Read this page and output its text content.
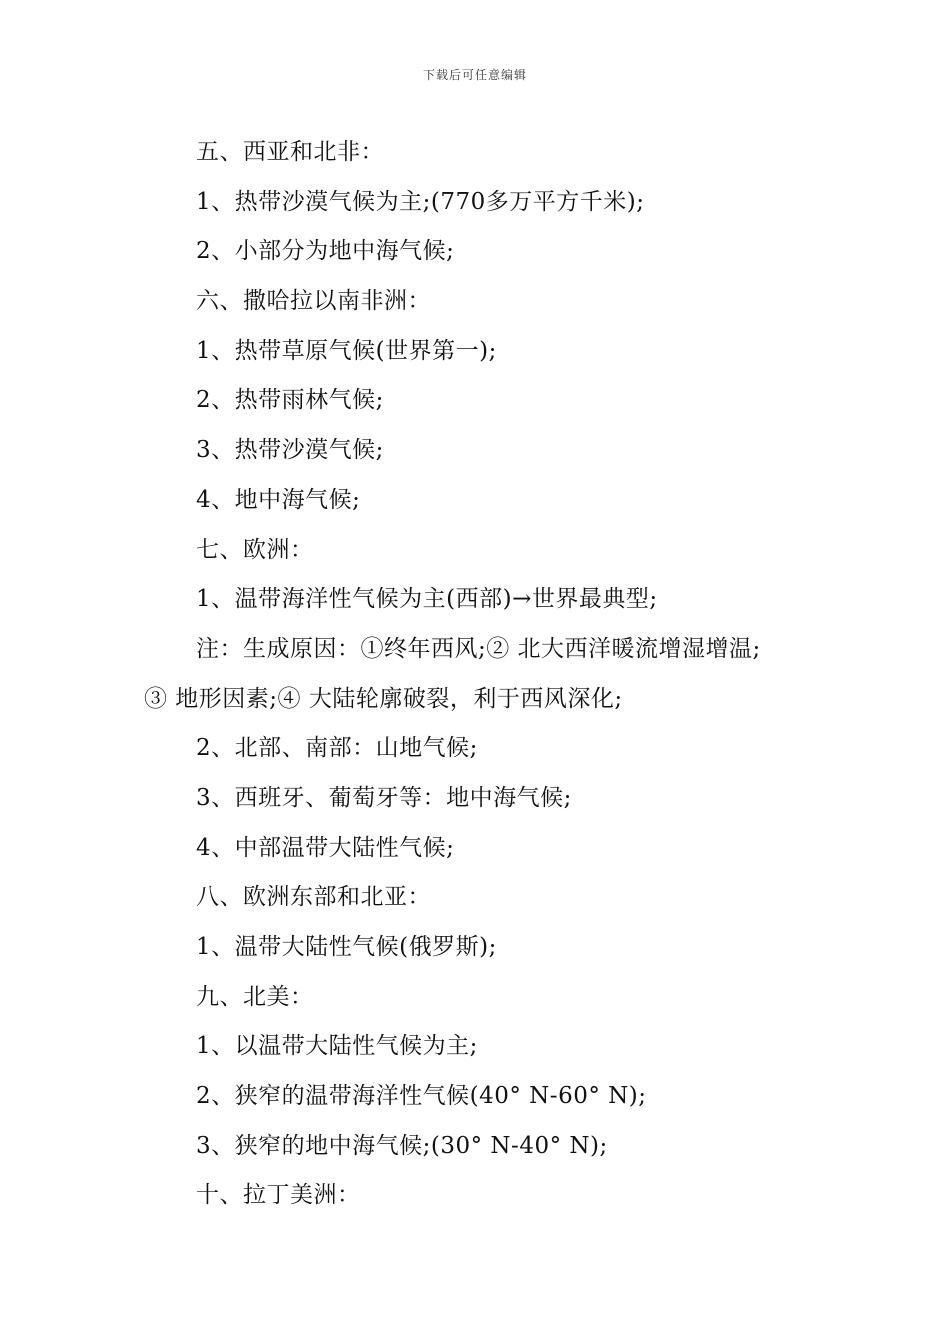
下载后可任意编辑
五、西亚和北非：
1、热带沙漠气候为主;(770多万平方千米);
2、小部分为地中海气候;
六、撒哈拉以南非洲：
1、热带草原气候(世界第一);
2、热带雨林气候;
3、热带沙漠气候;
4、地中海气候;
七、欧洲：
1、温带海洋性气候为主(西部)→世界最典型;
注：生成原因：①终年西风;② 北大西洋暖流增湿增温;
③ 地形因素;④ 大陆轮廓破裂，利于西风深化;
2、北部、南部：山地气候;
3、西班牙、葡萄牙等：地中海气候;
4、中部温带大陆性气候;
八、欧洲东部和北亚：
1、温带大陆性气候(俄罗斯);
九、北美：
1、以温带大陆性气候为主;
2、狭窄的温带海洋性气候(40° N-60° N);
3、狭窄的地中海气候;(30° N-40° N);
十、拉丁美洲：
